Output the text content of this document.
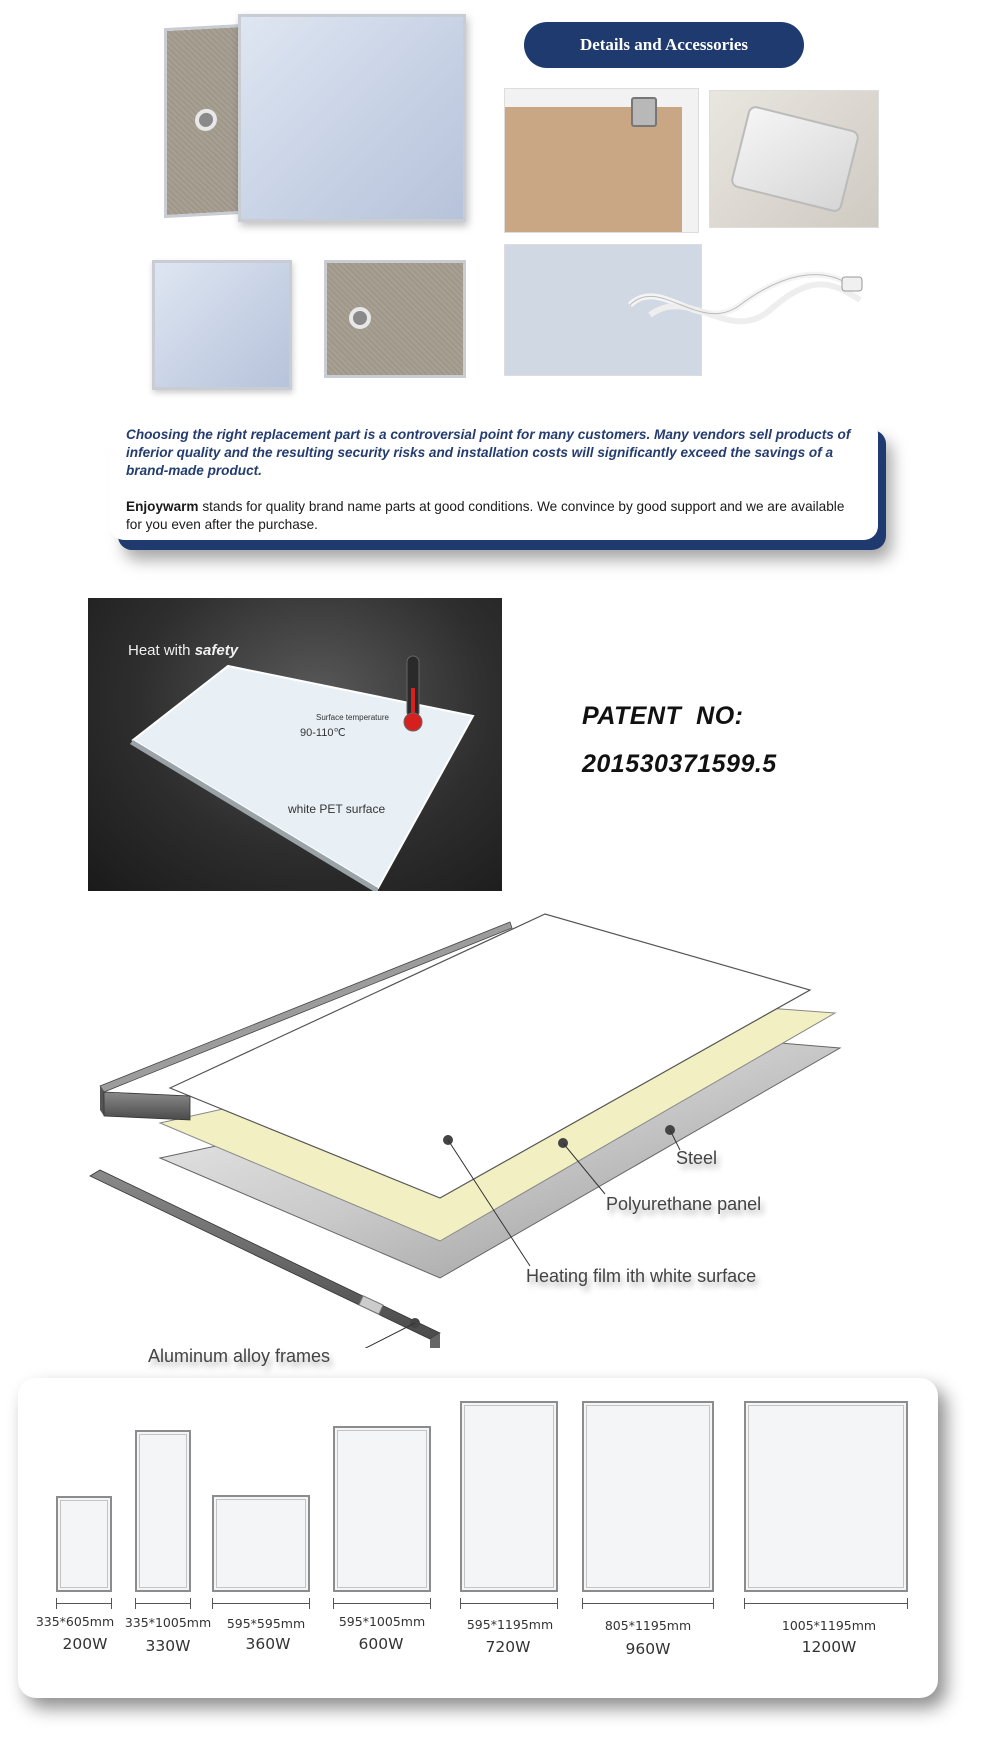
Details and Accessories

Choosing the right replacement part is a controversial point for many customers. Many vendors sell products of inferior quality and the resulting security risks and installation costs will significantly exceed the savings of a brand-made product.

Enjoywarm stands for quality brand name parts at good conditions. We convince by good support and we are available for you even after the purchase.

Heat with safety
Surface temperature
90-110℃
white PET surface
PATENT  NO:
201530371599.5
Steel
Polyurethane panel
Heating film ith white surface
Aluminum alloy frames
335*605mm 335*1005mm	595*595mm	595*1005mm	595*1195mm	805*1195mm	1005*1195mm
200W	330W	360W	600W	720W	960W	1200W
